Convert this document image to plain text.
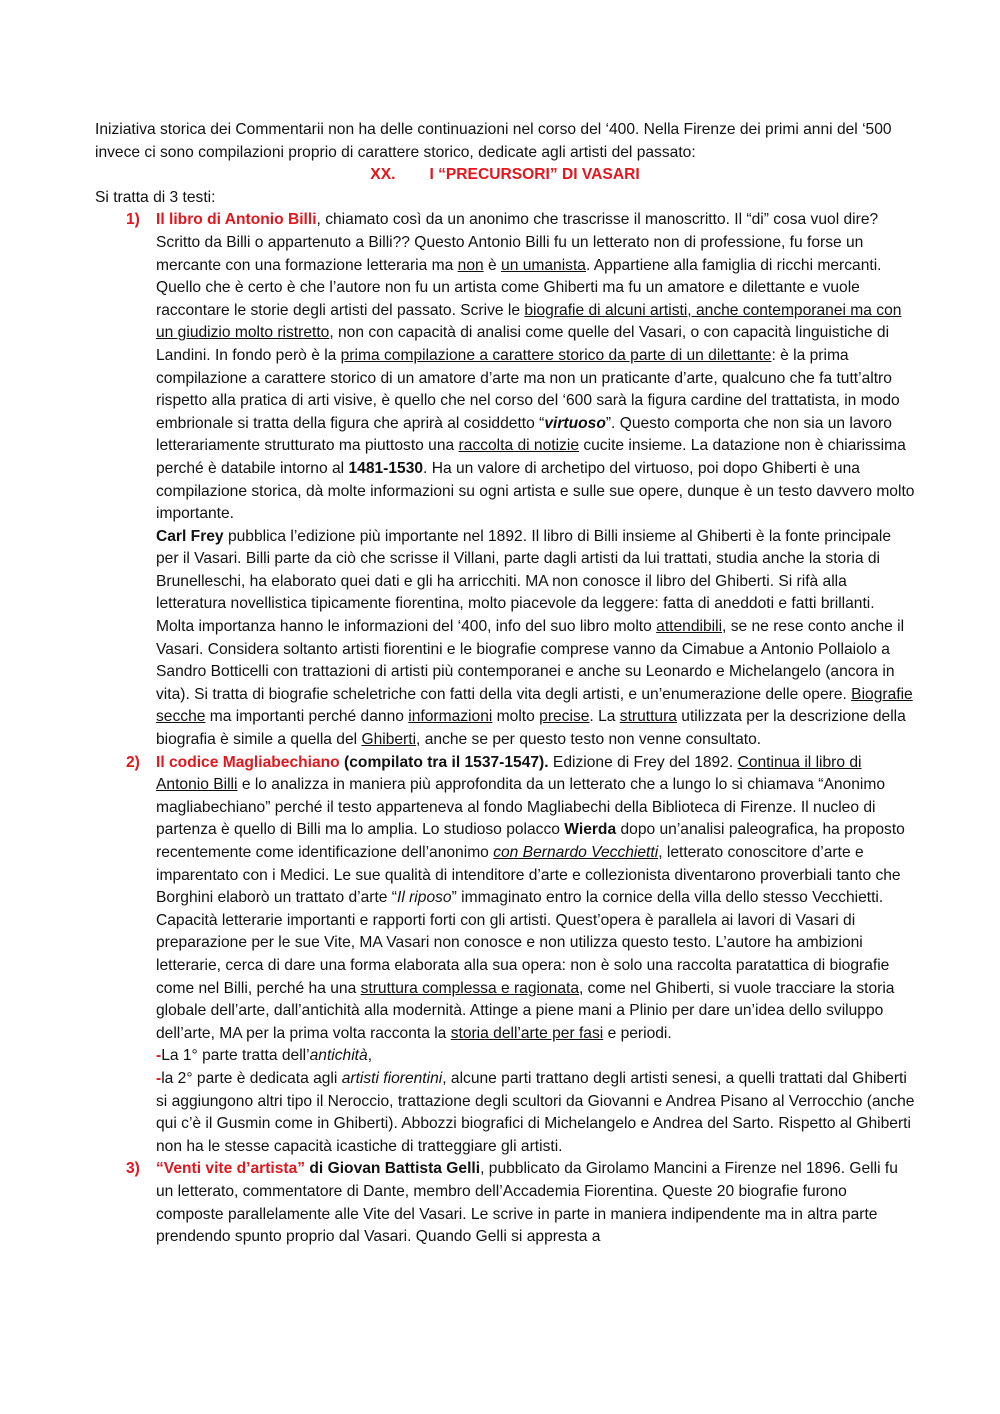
Iniziativa storica dei Commentarii non ha delle continuazioni nel corso del ‘400. Nella Firenze dei primi anni del ‘500 invece ci sono compilazioni proprio di carattere storico, dedicate agli artisti del passato:

XX. I “PRECURSORI” DI VASARI

Si tratta di 3 testi:

1) Il libro di Antonio Billi, chiamato così da un anonimo che trascrisse il manoscritto. Il “di” cosa vuol dire? Scritto da Billi o appartenuto a Billi?? Questo Antonio Billi fu un letterato non di professione, fu forse un mercante con una formazione letteraria ma non è un umanista. Appartiene alla famiglia di ricchi mercanti. Quello che è certo è che l’autore non fu un artista come Ghiberti ma fu un amatore e dilettante e vuole raccontare le storie degli artisti del passato. Scrive le biografie di alcuni artisti, anche contemporanei ma con un giudizio molto ristretto, non con capacità di analisi come quelle del Vasari, o con capacità linguistiche di Landini. In fondo però è la prima compilazione a carattere storico da parte di un dilettante: è la prima compilazione a carattere storico di un amatore d’arte ma non un praticante d’arte, qualcuno che fa tutt’altro rispetto alla pratica di arti visive, è quello che nel corso del ‘600 sarà la figura cardine del trattatista, in modo embrionale si tratta della figura che aprirà al cosiddetto “virtuoso”. Questo comporta che non sia un lavoro letterariamente strutturato ma piuttosto una raccolta di notizie cucite insieme. La datazione non è chiarissima perché è databile intorno al 1481-1530. Ha un valore di archetipo del virtuoso, poi dopo Ghiberti è una compilazione storica, dà molte informazioni su ogni artista e sulle sue opere, dunque è un testo davvero molto importante.

Carl Frey pubblica l’edizione più importante nel 1892. Il libro di Billi insieme al Ghiberti è la fonte principale per il Vasari. Billi parte da ciò che scrisse il Villani, parte dagli artisti da lui trattati, studia anche la storia di Brunelleschi, ha elaborato quei dati e gli ha arricchiti. MA non conosce il libro del Ghiberti. Si rifà alla letteratura novellistica tipicamente fiorentina, molto piacevole da leggere: fatta di aneddoti e fatti brillanti. Molta importanza hanno le informazioni del ‘400, info del suo libro molto attendibili, se ne rese conto anche il Vasari. Considera soltanto artisti fiorentini e le biografie comprese vanno da Cimabue a Antonio Pollaiolo a Sandro Botticelli con trattazioni di artisti più contemporanei e anche su Leonardo e Michelangelo (ancora in vita). Si tratta di biografie scheletriche con fatti della vita degli artisti, e un’enumerazione delle opere. Biografie secche ma importanti perché danno informazioni molto precise. La struttura utilizzata per la descrizione della biografia è simile a quella del Ghiberti, anche se per questo testo non venne consultato.

2) Il codice Magliabechiano (compilato tra il 1537-1547). Edizione di Frey del 1892. Continua il libro di Antonio Billi e lo analizza in maniera più approfondita da un letterato che a lungo lo si chiamava “Anonimo magliabechiano” perché il testo apparteneva al fondo Magliabechi della Biblioteca di Firenze. Il nucleo di partenza è quello di Billi ma lo amplia. Lo studioso polacco Wierda dopo un’analisi paleografica, ha proposto recentemente come identificazione dell’anonimo con Bernardo Vecchietti, letterato conoscitore d’arte e imparentato con i Medici. Le sue qualità di intenditore d’arte e collezionista diventarono proverbiali tanto che Borghini elaborò un trattato d’arte “Il riposo” immaginato entro la cornice della villa dello stesso Vecchietti. Capacità letterarie importanti e rapporti forti con gli artisti. Quest’opera è parallela ai lavori di Vasari di preparazione per le sue Vite, MA Vasari non conosce e non utilizza questo testo. L’autore ha ambizioni letterarie, cerca di dare una forma elaborata alla sua opera: non è solo una raccolta paratattica di biografie come nel Billi, perché ha una struttura complessa e ragionata, come nel Ghiberti, si vuole tracciare la storia globale dell’arte, dall’antichità alla modernità. Attinge a piene mani a Plinio per dare un’idea dello sviluppo dell’arte, MA per la prima volta racconta la storia dell’arte per fasi e periodi.

-La 1° parte tratta dell’antichità,

-la 2° parte è dedicata agli artisti fiorentini, alcune parti trattano degli artisti senesi, a quelli trattati dal Ghiberti si aggiungono altri tipo il Neroccio, trattazione degli scultori da Giovanni e Andrea Pisano al Verrocchio (anche qui c’è il Gusmin come in Ghiberti). Abbozzi biografici di Michelangelo e Andrea del Sarto. Rispetto al Ghiberti non ha le stesse capacità icastiche di tratteggiare gli artisti.

3) “Venti vite d’artista” di Giovan Battista Gelli, pubblicato da Girolamo Mancini a Firenze nel 1896. Gelli fu un letterato, commentatore di Dante, membro dell’Accademia Fiorentina. Queste 20 biografie furono composte parallelamente alle Vite del Vasari. Le scrive in parte in maniera indipendente ma in altra parte prendendo spunto proprio dal Vasari. Quando Gelli si appresta a
